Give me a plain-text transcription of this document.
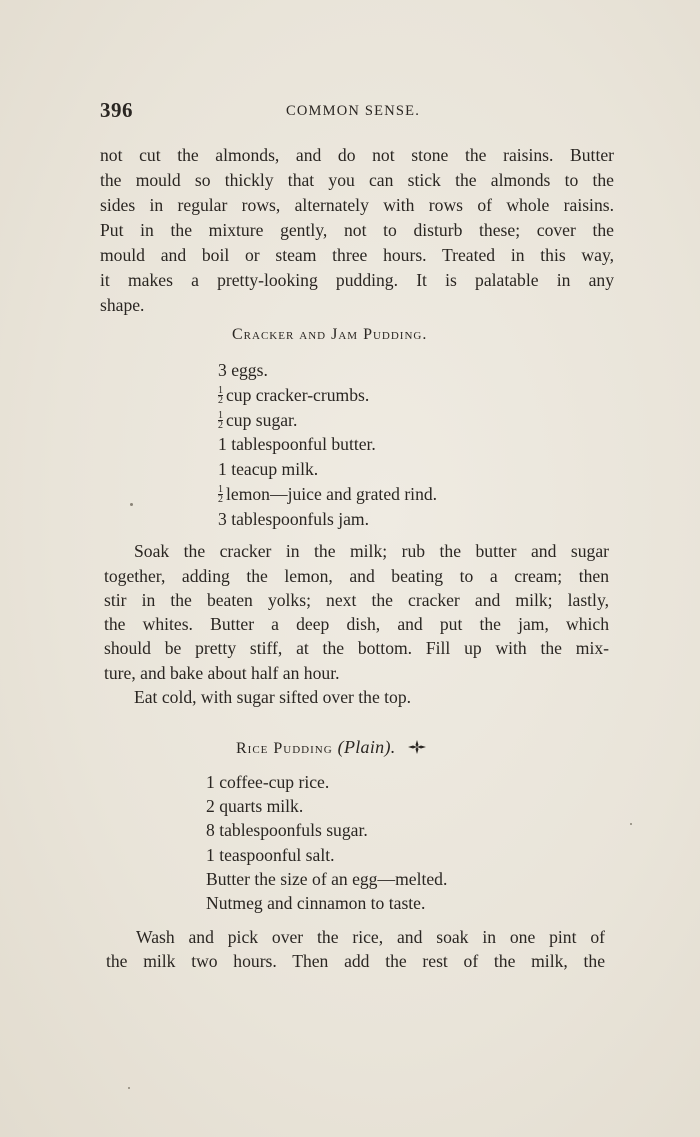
396	COMMON SENSE.
not cut the almonds, and do not stone the raisins. Butter
the mould so thickly that you can stick the almonds to the
sides in regular rows, alternately with rows of whole raisins.
Put in the mixture gently, not to disturb these; cover the
mould and boil or steam three hours. Treated in this way,
it makes a pretty-looking pudding. It is palatable in any
shape.
Cracker and Jam Pudding.
3 eggs.
$\frac{1}{2}$ cup cracker-crumbs.
$\frac{1}{2}$ cup sugar.
1 tablespoonful butter.
1 teacup milk.
$\frac{1}{2}$ lemon—juice and grated rind.
3 tablespoonfuls jam.
Soak the cracker in the milk; rub the butter and sugar
together, adding the lemon, and beating to a cream; then
stir in the beaten yolks; next the cracker and milk; lastly,
the whites. Butter a deep dish, and put the jam, which
should be pretty stiff, at the bottom. Fill up with the mix-
ture, and bake about half an hour.
Eat cold, with sugar sifted over the top.
Rice Pudding (Plain).
1 coffee-cup rice.
2 quarts milk.
8 tablespoonfuls sugar.
1 teaspoonful salt.
Butter the size of an egg—melted.
Nutmeg and cinnamon to taste.
Wash and pick over the rice, and soak in one pint of
the milk two hours. Then add the rest of the milk, the
